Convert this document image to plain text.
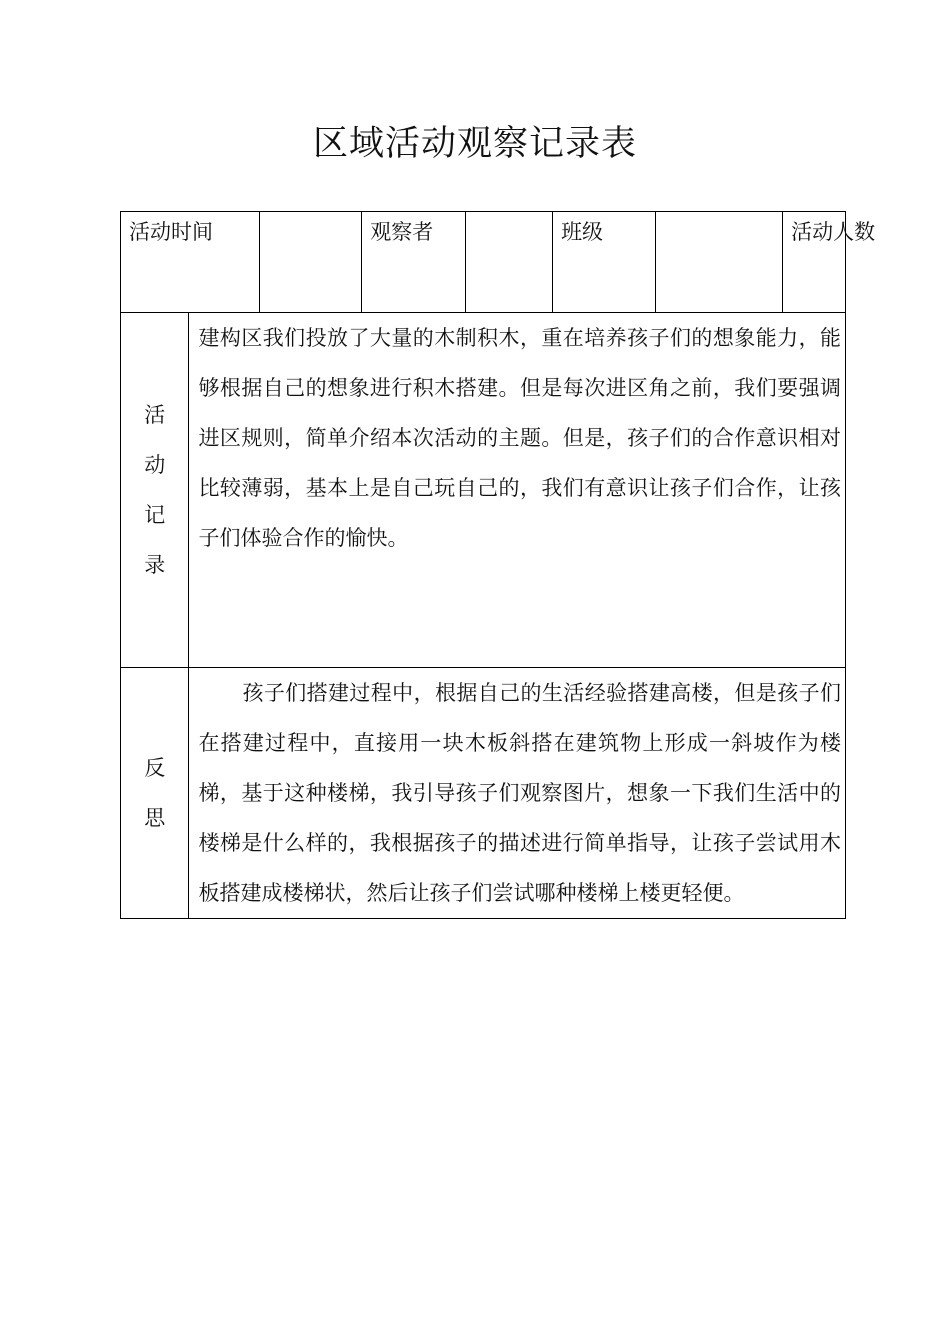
区域活动观察记录表
活动时间			观察者		班级		活动人数

活
动
记
录	建构区我们投放了大量的木制积木，重在培养孩子们的想象能力，能够根据自己的想象进行积木搭建。但是每次进区角之前，我们要强调进区规则，简单介绍本次活动的主题。但是，孩子们的合作意识相对比较薄弱，基本上是自己玩自己的，我们有意识让孩子们合作，让孩子们体验合作的愉快。						

反
思	孩子们搭建过程中，根据自己的生活经验搭建高楼，但是孩子们在搭建过程中，直接用一块木板斜搭在建筑物上形成一斜坡作为楼梯，基于这种楼梯，我引导孩子们观察图片，想象一下我们生活中的楼梯是什么样的，我根据孩子的描述进行简单指导，让孩子尝试用木板搭建成楼梯状，然后让孩子们尝试哪种楼梯上楼更轻便。						
